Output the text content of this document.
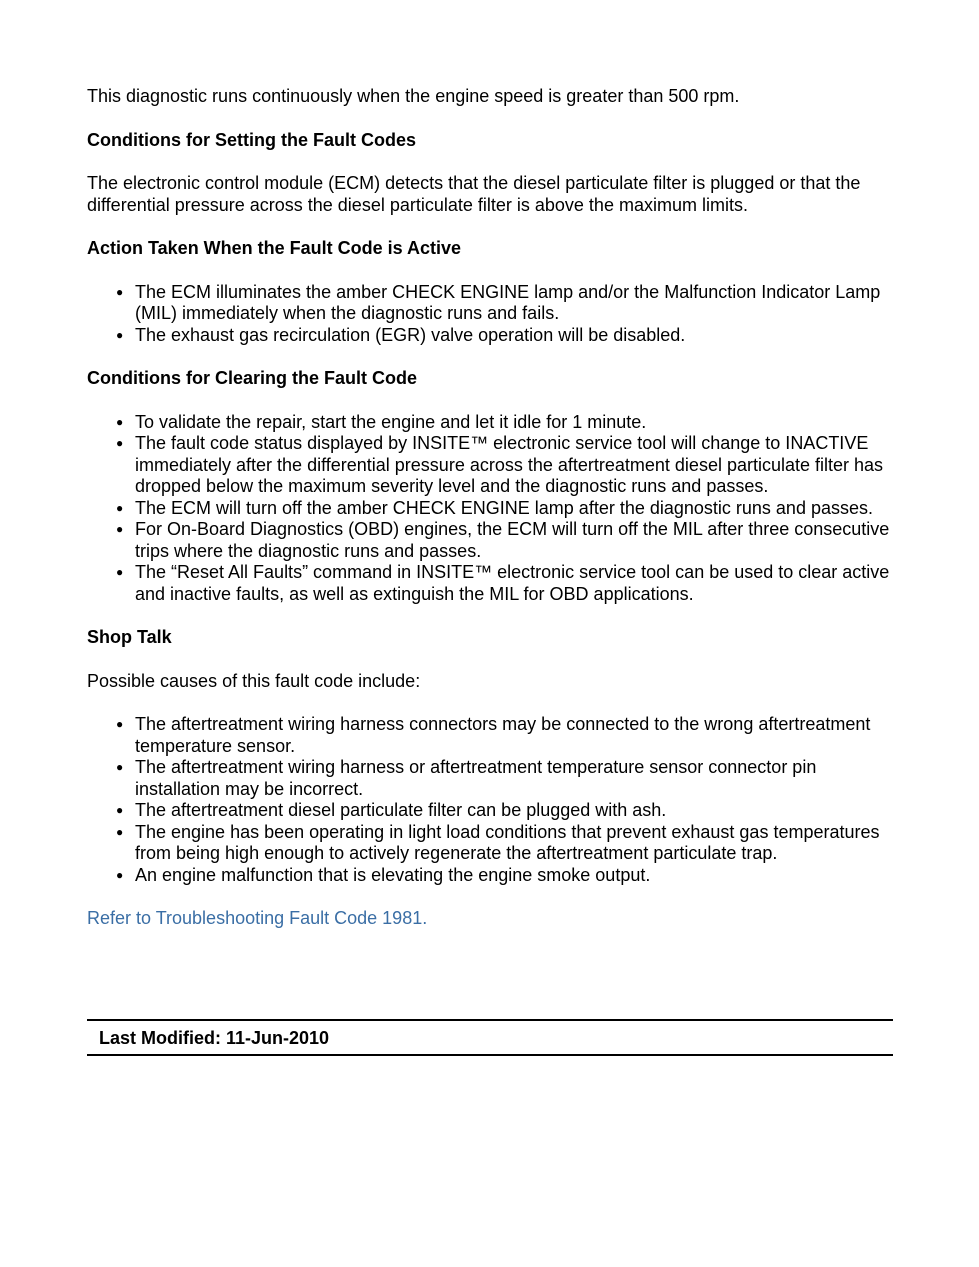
This diagnostic runs continuously when the engine speed is greater than 500 rpm.

Conditions for Setting the Fault Codes

The electronic control module (ECM) detects that the diesel particulate filter is plugged or that the differential pressure across the diesel particulate filter is above the maximum limits.

Action Taken When the Fault Code is Active
● The ECM illuminates the amber CHECK ENGINE lamp and/or the Malfunction Indicator Lamp (MIL) immediately when the diagnostic runs and fails.
● The exhaust gas recirculation (EGR) valve operation will be disabled.
Conditions for Clearing the Fault Code
● To validate the repair, start the engine and let it idle for 1 minute.
● The fault code status displayed by INSITE™ electronic service tool will change to INACTIVE immediately after the differential pressure across the aftertreatment diesel particulate filter has dropped below the maximum severity level and the diagnostic runs and passes.
● The ECM will turn off the amber CHECK ENGINE lamp after the diagnostic runs and passes.
● For On-Board Diagnostics (OBD) engines, the ECM will turn off the MIL after three consecutive trips where the diagnostic runs and passes.
● The “Reset All Faults” command in INSITE™ electronic service tool can be used to clear active and inactive faults, as well as extinguish the MIL for OBD applications.
Shop Talk

Possible causes of this fault code include:

● The aftertreatment wiring harness connectors may be connected to the wrong aftertreatment temperature sensor.
● The aftertreatment wiring harness or aftertreatment temperature sensor connector pin installation may be incorrect.
● The aftertreatment diesel particulate filter can be plugged with ash.
● The engine has been operating in light load conditions that prevent exhaust gas temperatures from being high enough to actively regenerate the aftertreatment particulate trap.
● An engine malfunction that is elevating the engine smoke output.

Refer to Troubleshooting Fault Code 1981.

Last Modified: 11-Jun-2010
